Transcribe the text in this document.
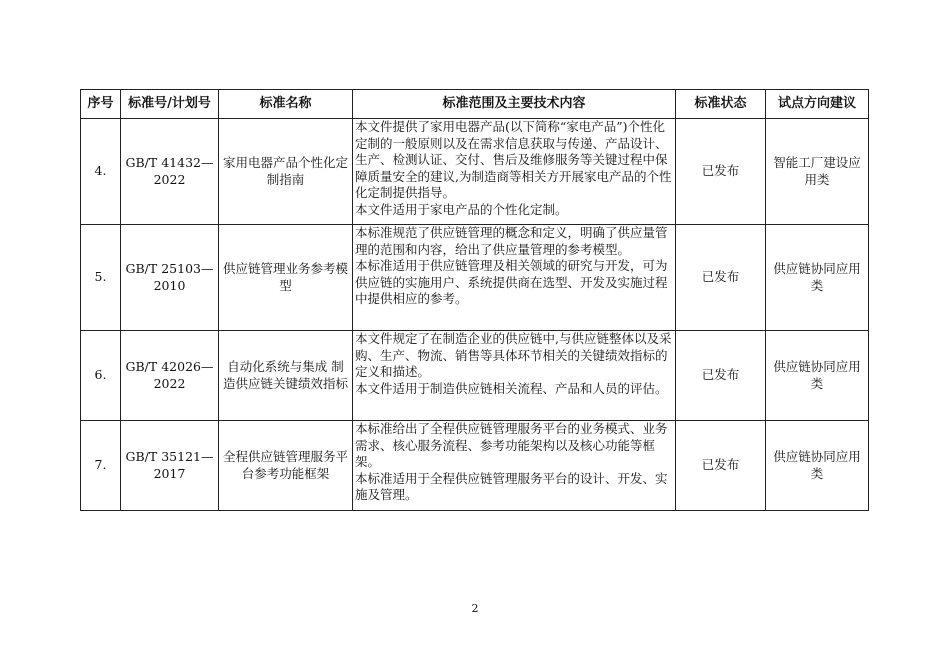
序号	标准号/计划号	标准名称	标准范围及主要技术内容	标准状态	试点方向建议
4.	GB/T 41432—2022	家用电器产品个性化定制指南	本文件提供了家用电器产品(以下简称“家电产品”)个性化定制的一般原则以及在需求信息获取与传递、产品设计、生产、检测认证、交付、售后及维修服务等关键过程中保障质量安全的建议,为制造商等相关方开展家电产品的个性化定制提供指导。

本文件适用于家电产品的个性化定制。	已发布	智能工厂建设应用类
5.	GB/T 25103—2010	供应链管理业务参考模型	本标准规范了供应链管理的概念和定义，明确了供应量管理的范围和内容，给出了供应量管理的参考模型。

本标准适用于供应链管理及相关领域的研究与开发，可为供应链的实施用户、系统提供商在选型、开发及实施过程中提供相应的参考。	已发布	供应链协同应用类
6.	GB/T 42026—2022	自动化系统与集成 制造供应链关键绩效指标	本文件规定了在制造企业的供应链中,与供应链整体以及采购、生产、物流、销售等具体环节相关的关键绩效指标的定义和描述。

本文件适用于制造供应链相关流程、产品和人员的评估。	已发布	供应链协同应用类
7.	GB/T 35121—2017	全程供应链管理服务平台参考功能框架	本标准给出了全程供应链管理服务平台的业务模式、业务需求、核心服务流程、参考功能架构以及核心功能等框架。

本标准适用于全程供应链管理服务平台的设计、开发、实施及管理。	已发布	供应链协同应用类
2
